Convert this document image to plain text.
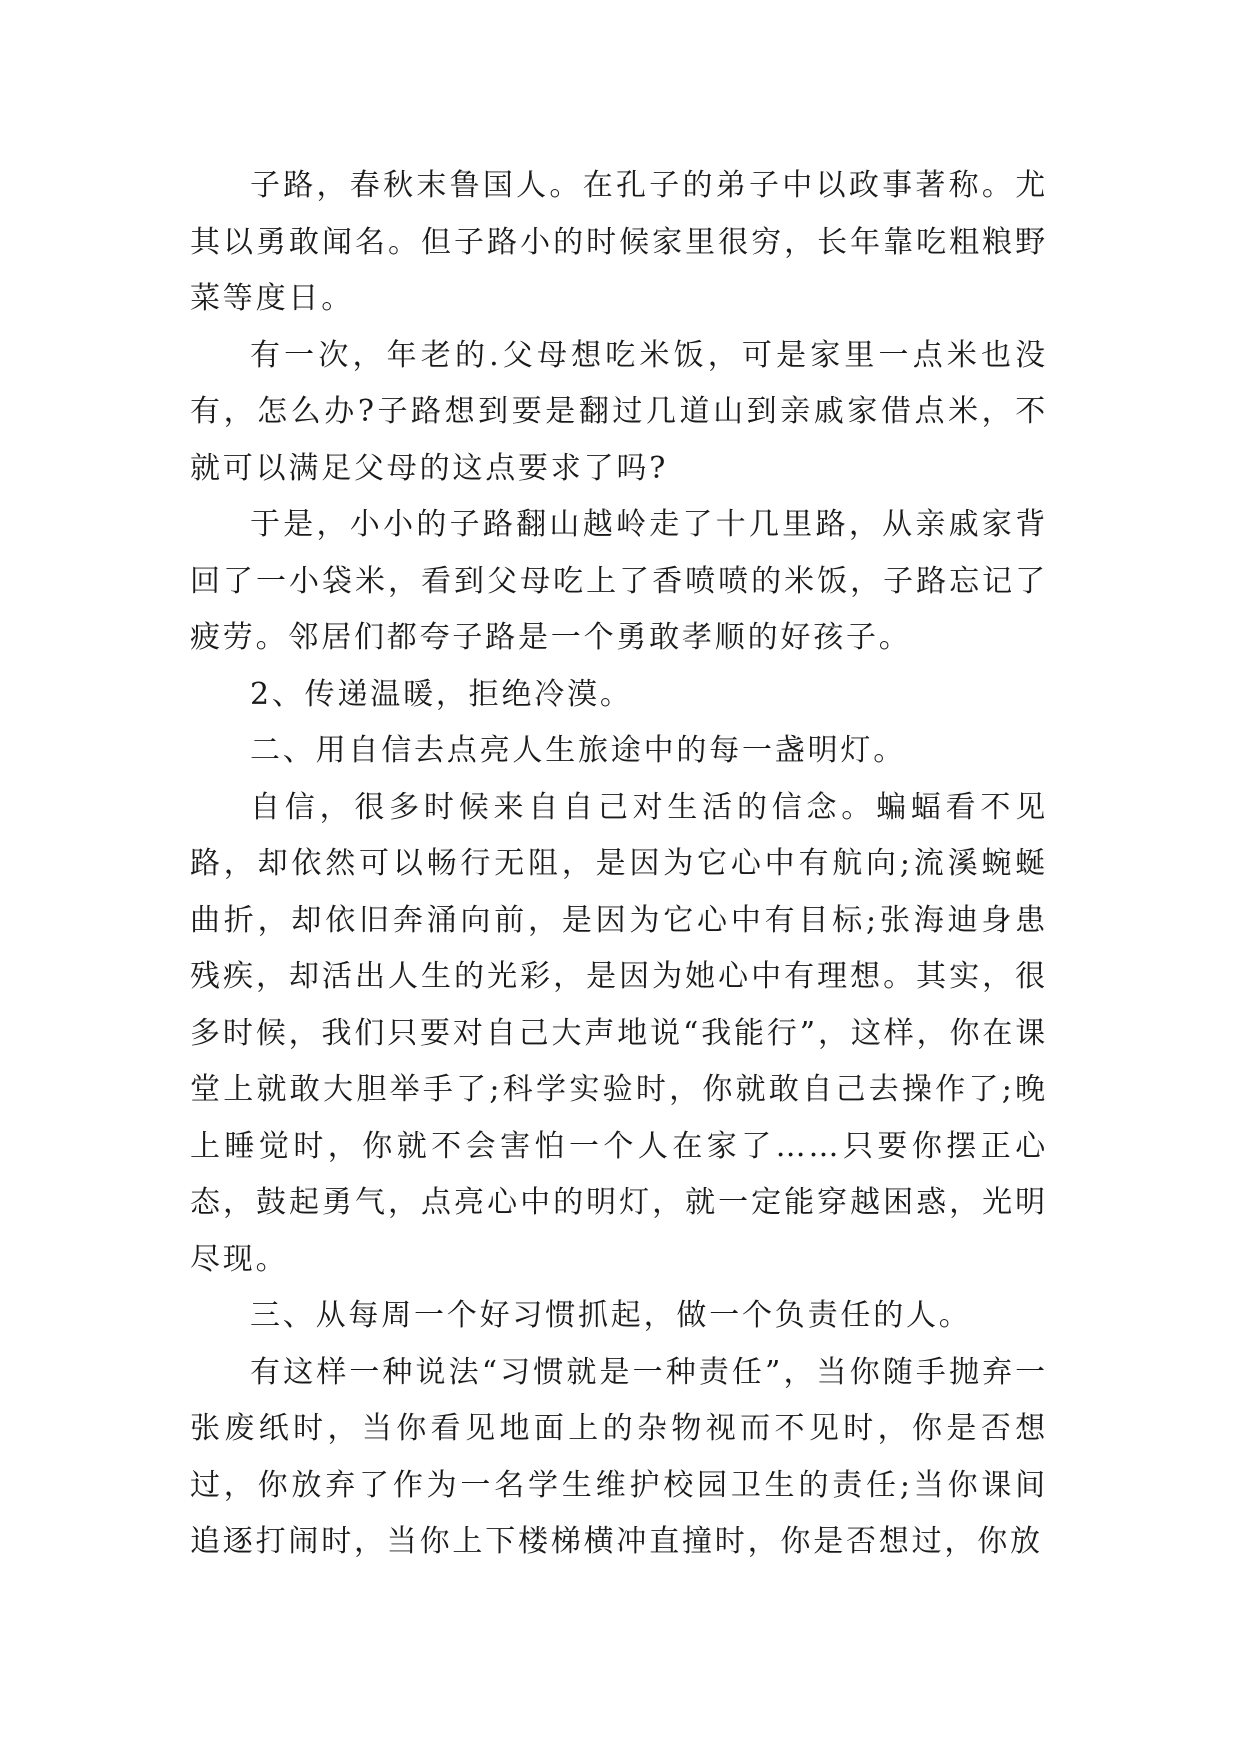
子路，春秋末鲁国人。在孔子的弟子中以政事著称。尤其以勇敢闻名。但子路小的时候家里很穷，长年靠吃粗粮野菜等度日。

有一次，年老的.父母想吃米饭，可是家里一点米也没有，怎么办?子路想到要是翻过几道山到亲戚家借点米，不就可以满足父母的这点要求了吗?

于是，小小的子路翻山越岭走了十几里路，从亲戚家背回了一小袋米，看到父母吃上了香喷喷的米饭，子路忘记了疲劳。邻居们都夸子路是一个勇敢孝顺的好孩子。

2、传递温暖，拒绝冷漠。

二、用自信去点亮人生旅途中的每一盏明灯。

自信，很多时候来自自己对生活的信念。蝙蝠看不见路，却依然可以畅行无阻，是因为它心中有航向;流溪蜿蜒曲折，却依旧奔涌向前，是因为它心中有目标;张海迪身患残疾，却活出人生的光彩，是因为她心中有理想。其实，很多时候，我们只要对自己大声地说“我能行”，这样，你在课堂上就敢大胆举手了;科学实验时，你就敢自己去操作了;晚上睡觉时，你就不会害怕一个人在家了……只要你摆正心态，鼓起勇气，点亮心中的明灯，就一定能穿越困惑，光明尽现。

三、从每周一个好习惯抓起，做一个负责任的人。

有这样一种说法“习惯就是一种责任”，当你随手抛弃一张废纸时，当你看见地面上的杂物视而不见时，你是否想过，你放弃了作为一名学生维护校园卫生的责任;当你课间追逐打闹时，当你上下楼梯横冲直撞时，你是否想过，你放
